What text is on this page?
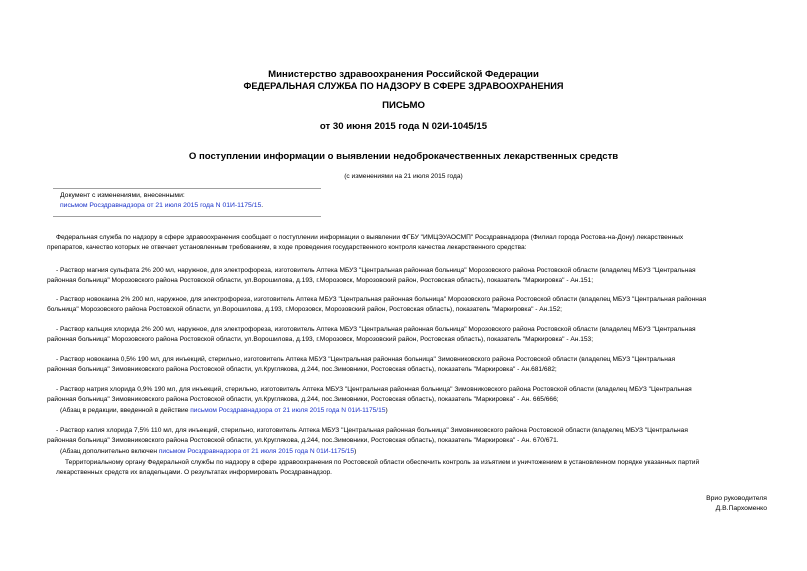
Министерство здравоохранения Российской Федерации
ФЕДЕРАЛЬНАЯ СЛУЖБА ПО НАДЗОРУ В СФЕРЕ ЗДРАВООХРАНЕНИЯ
ПИСЬМО
от 30 июня 2015 года N 02И-1045/15
О поступлении информации о выявлении недоброкачественных лекарственных средств
(с изменениями на 21 июля 2015 года)
Документ с изменениями, внесенными:
письмом Росздравнадзора от 21 июля 2015 года N 01И-1175/15.
Федеральная служба по надзору в сфере здравоохранения сообщает о поступлении информации о выявлении ФГБУ "ИМЦЭУАОСМП" Росздравнадзора (Филиал города Ростова-на-Дону) лекарственных
препаратов, качество которых не отвечает установленным требованиям, в ходе проведения государственного контроля качества лекарственного средства:
- Раствор магния сульфата 2% 200 мл, наружное, для электрофореза, изготовитель Аптека МБУЗ "Центральная районная больница" Морозовского района Ростовской области (владелец МБУЗ "Центральная
районная больница" Морозовского района Ростовской области, ул.Ворошилова, д.193, г.Морозовск, Морозовский район, Ростовская область), показатель "Маркировка" - Ан.151;
- Раствор новокаина 2% 200 мл, наружное, для электрофореза, изготовитель Аптека МБУЗ "Центральная районная больница" Морозовского района Ростовской области (владелец МБУЗ "Центральная районная
больница" Морозовского района Ростовской области, ул.Ворошилова, д.193, г.Морозовск, Морозовский район, Ростовская область), показатель "Маркировка" - Ан.152;
- Раствор кальция хлорида 2% 200 мл, наружное, для электрофореза, изготовитель Аптека МБУЗ "Центральная районная больница" Морозовского района Ростовской области (владелец МБУЗ "Центральная
районная больница" Морозовского района Ростовской области, ул.Ворошилова, д.193, г.Морозовск, Морозовский район, Ростовская область), показатель "Маркировка" - Ан.153;
- Раствор новокаина 0,5% 190 мл, для инъекций, стерильно, изготовитель Аптека МБУЗ "Центральная районная больница" Зимовниковского района Ростовской области (владелец МБУЗ "Центральная
районная больница" Зимовниковского района Ростовской области, ул.Круглякова, д.244, пос.Зимовники, Ростовская область), показатель "Маркировка" - Ан.681/682;
- Раствор натрия хлорида 0,9% 190 мл, для инъекций, стерильно, изготовитель Аптека МБУЗ "Центральная районная больница" Зимовниковского района Ростовской области (владелец МБУЗ "Центральная
районная больница" Зимовниковского района Ростовской области, ул.Круглякова, д.244, пос.Зимовники, Ростовская область), показатель "Маркировка" - Ан. 665/666;
(Абзац в редакции, введенной в действие письмом Росздравнадзора от 21 июля 2015 года N 01И-1175/15)
- Раствор калия хлорида 7,5% 110 мл, для инъекций, стерильно, изготовитель Аптека МБУЗ "Центральная районная больница" Зимовниковского района Ростовской области (владелец МБУЗ "Центральная
районная больница" Зимовниковского района Ростовской области, ул.Круглякова, д.244, пос.Зимовники, Ростовская область), показатель "Маркировка" - Ан. 670/671.
(Абзац дополнительно включен письмом Росздравнадзора от 21 июля 2015 года N 01И-1175/15)
Территориальному органу Федеральной службы по надзору в сфере здравоохранения по Ростовской области обеспечить контроль за изъятием и уничтожением в установленном порядке указанных партий
лекарственных средств их владельцами. О результатах информировать Росздравнадзор.
Врио руководителя
Д.В.Пархоменко
